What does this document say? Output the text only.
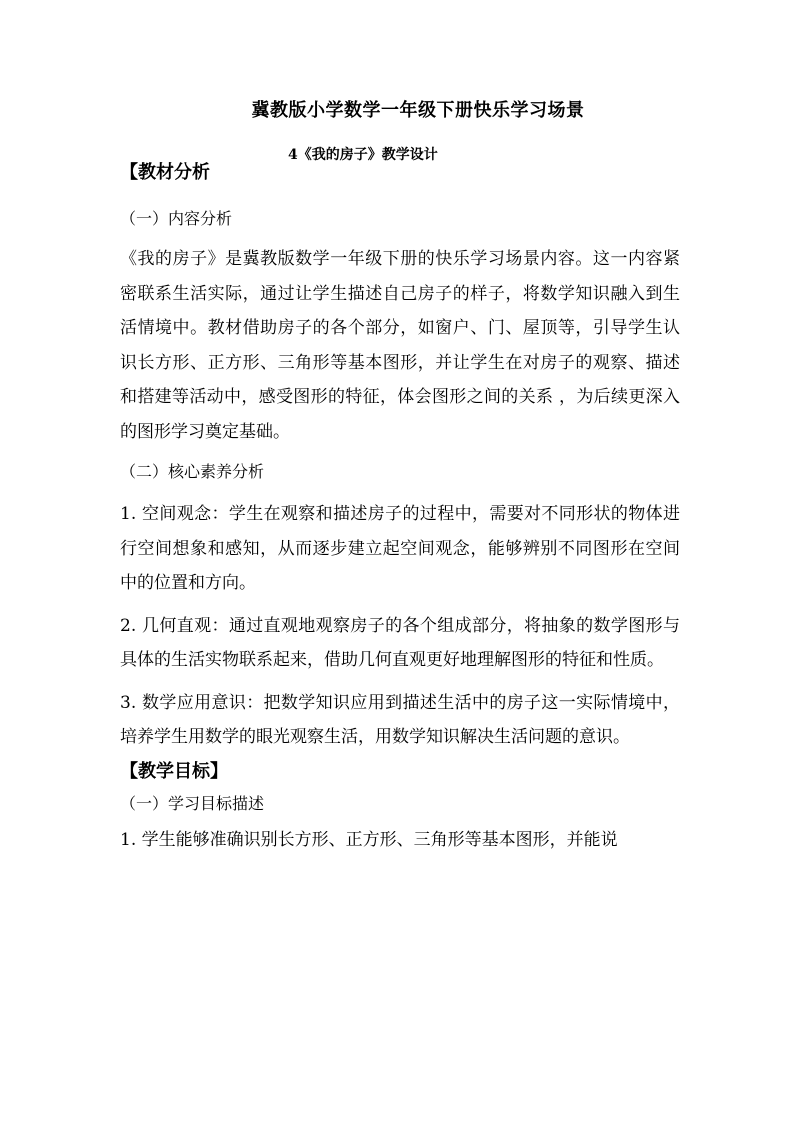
冀教版小学数学一年级下册快乐学习场景
4《我的房子》教学设计
【教材分析
（一）内容分析
《我的房子》是冀教版数学一年级下册的快乐学习场景内容。这一内容紧密联系生活实际，通过让学生描述自己房子的样子，将数学知识融入到生活情境中。教材借助房子的各个部分，如窗户、门、屋顶等，引导学生认识长方形、正方形、三角形等基本图形，并让学生在对房子的观察、描述和搭建等活动中，感受图形的特征，体会图形之间的关系 ，为后续更深入的图形学习奠定基础。
（二）核心素养分析
1. 空间观念：学生在观察和描述房子的过程中，需要对不同形状的物体进行空间想象和感知，从而逐步建立起空间观念，能够辨别不同图形在空间中的位置和方向。
2. 几何直观：通过直观地观察房子的各个组成部分，将抽象的数学图形与具体的生活实物联系起来，借助几何直观更好地理解图形的特征和性质。
3. 数学应用意识：把数学知识应用到描述生活中的房子这一实际情境中，培养学生用数学的眼光观察生活，用数学知识解决生活问题的意识。
【教学目标】
（一）学习目标描述
1. 学生能够准确识别长方形、正方形、三角形等基本图形，并能说
